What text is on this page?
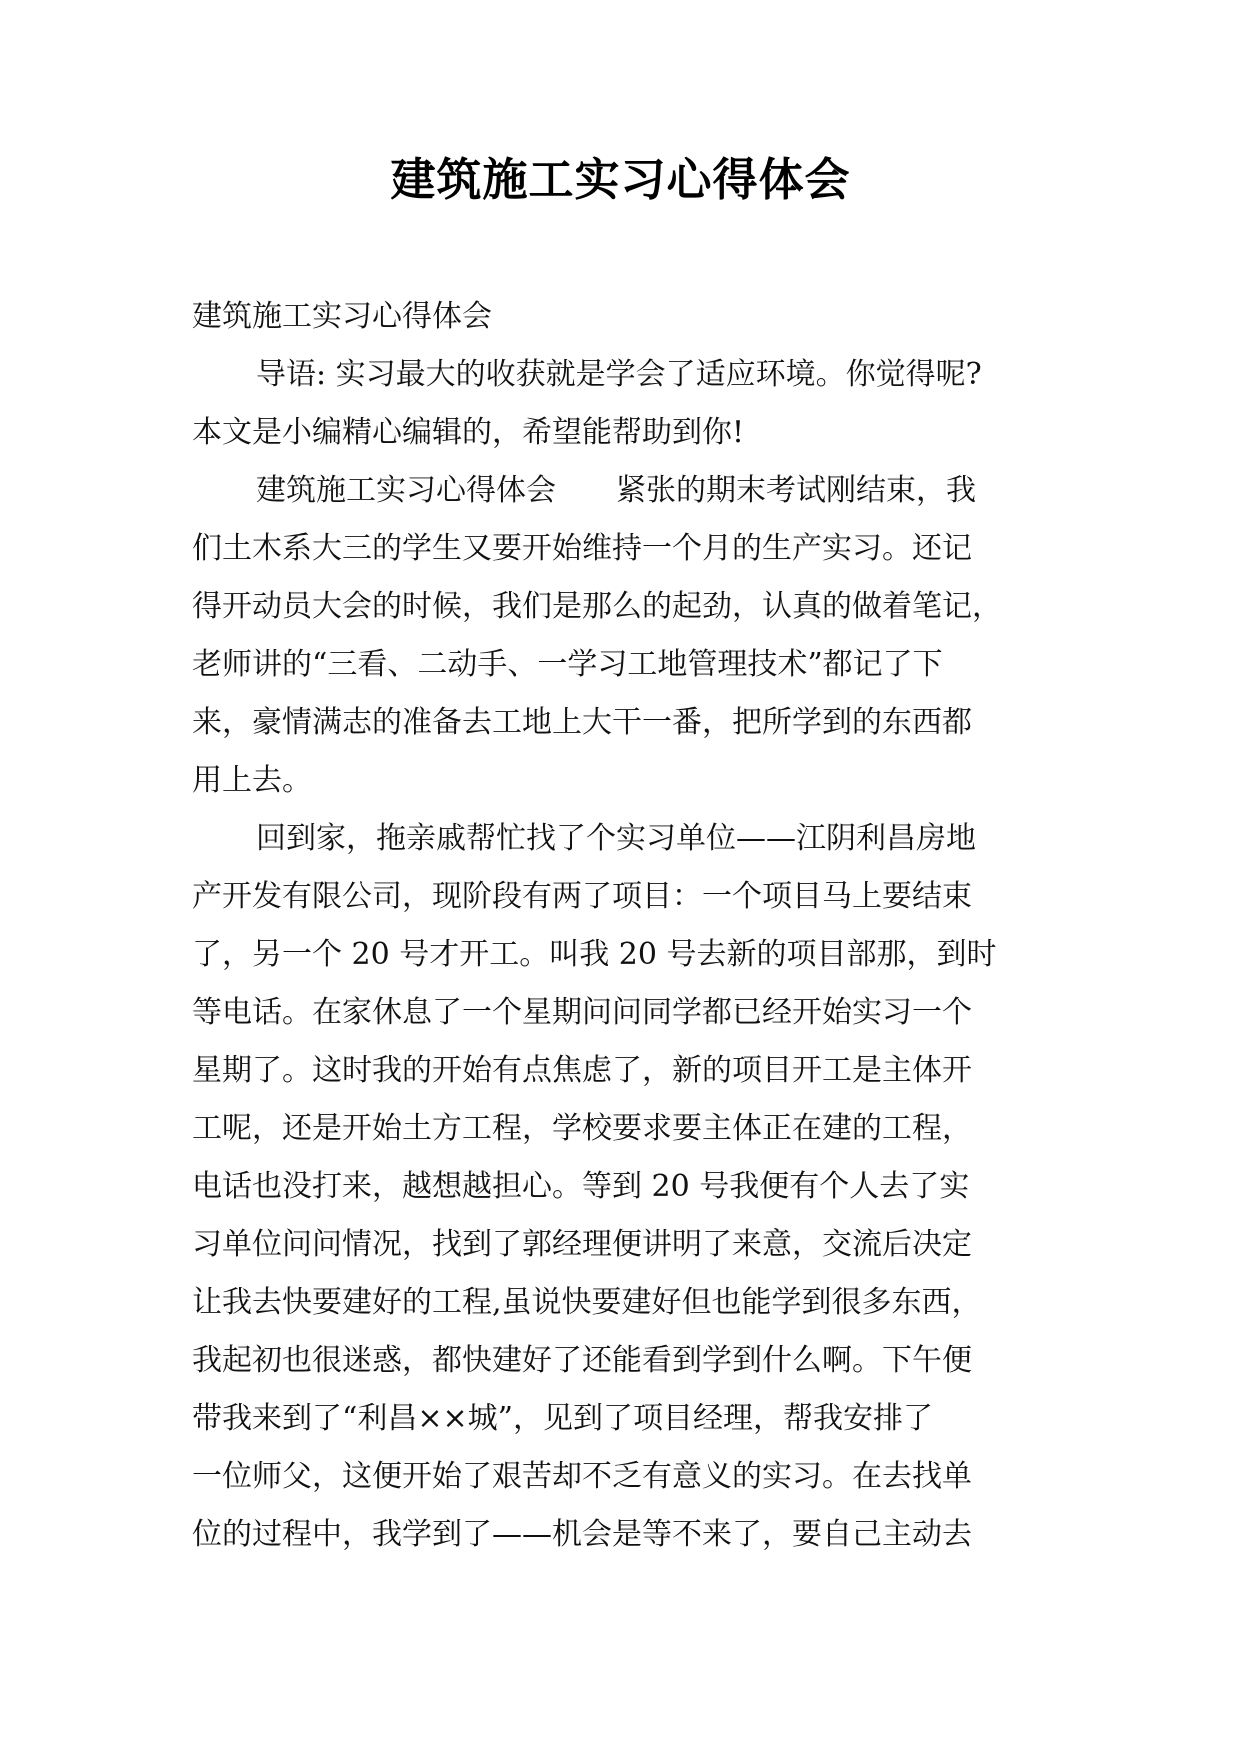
建筑施工实习心得体会
建筑施工实习心得体会
导语: 实习最大的收获就是学会了适应环境。你觉得呢?
本文是小编精心编辑的，希望能帮助到你!
建筑施工实习心得体会　　紧张的期末考试刚结束，我
们土木系大三的学生又要开始维持一个月的生产实习。还记
得开动员大会的时候，我们是那么的起劲，认真的做着笔记，
老师讲的“三看、二动手、一学习工地管理技术”都记了下
来，豪情满志的准备去工地上大干一番，把所学到的东西都
用上去。
回到家，拖亲戚帮忙找了个实习单位——江阴利昌房地
产开发有限公司，现阶段有两了项目：一个项目马上要结束
了，另一个 20 号才开工。叫我 20 号去新的项目部那，到时
等电话。在家休息了一个星期问问同学都已经开始实习一个
星期了。这时我的开始有点焦虑了，新的项目开工是主体开
工呢，还是开始土方工程，学校要求要主体正在建的工程，
电话也没打来，越想越担心。等到 20 号我便有个人去了实
习单位问问情况，找到了郭经理便讲明了来意，交流后决定
让我去快要建好的工程,虽说快要建好但也能学到很多东西，
我起初也很迷惑，都快建好了还能看到学到什么啊。下午便
带我来到了“利昌××城”，见到了项目经理，帮我安排了
一位师父，这便开始了艰苦却不乏有意义的实习。在去找单
位的过程中，我学到了——机会是等不来了，要自己主动去
